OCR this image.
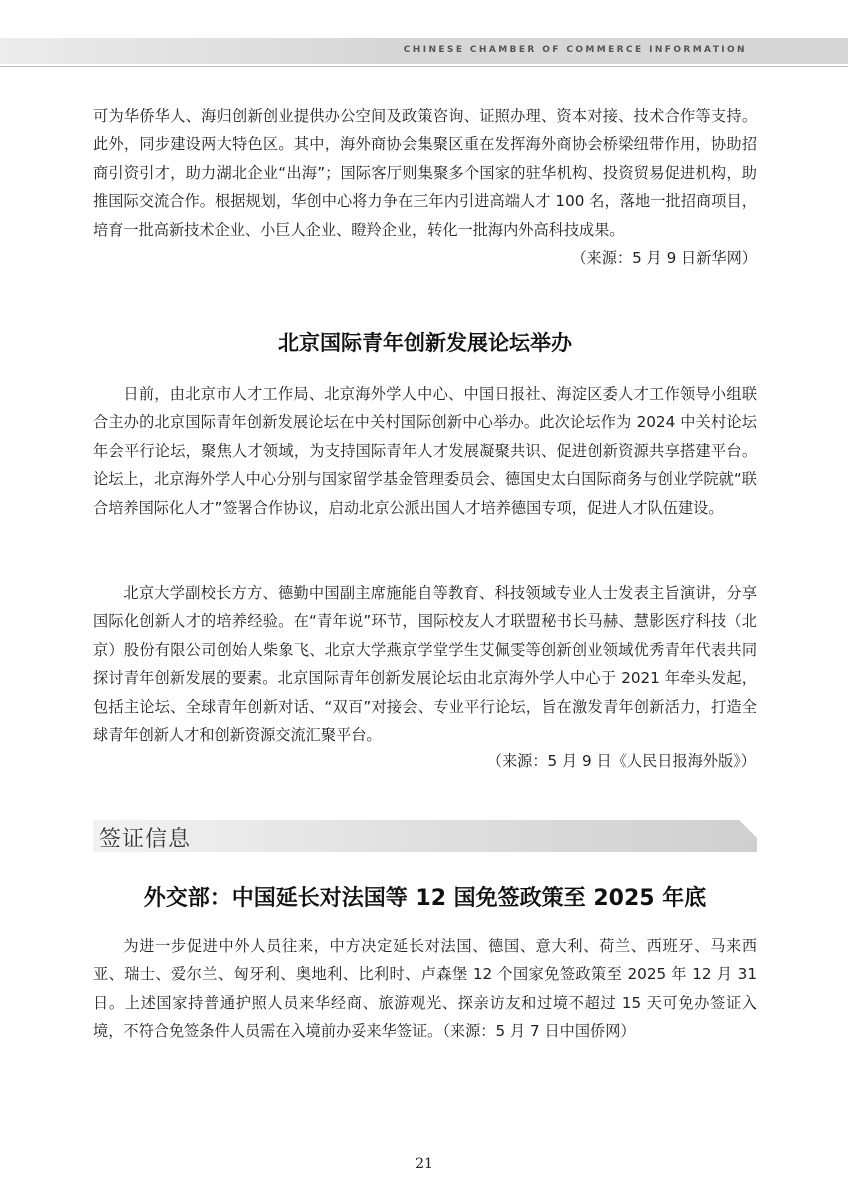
CHINESE CHAMBER OF COMMERCE INFORMATION
可为华侨华人、海归创新创业提供办公空间及政策咨询、证照办理、资本对接、技术合作等支持。此外，同步建设两大特色区。其中，海外商协会集聚区重在发挥海外商协会桥梁纽带作用，协助招商引资引才，助力湖北企业“出海”；国际客厅则集聚多个国家的驻华机构、投资贸易促进机构，助推国际交流合作。根据规划，华创中心将力争在三年内引进高端人才 100 名，落地一批招商项目，培育一批高新技术企业、小巨人企业、瞪羚企业，转化一批海内外高科技成果。
（来源：5 月 9 日新华网）
北京国际青年创新发展论坛举办
日前，由北京市人才工作局、北京海外学人中心、中国日报社、海淀区委人才工作领导小组联合主办的北京国际青年创新发展论坛在中关村国际创新中心举办。此次论坛作为 2024 中关村论坛年会平行论坛，聚焦人才领域，为支持国际青年人才发展凝聚共识、促进创新资源共享搭建平台。论坛上，北京海外学人中心分别与国家留学基金管理委员会、德国史太白国际商务与创业学院就“联合培养国际化人才”签署合作协议，启动北京公派出国人才培养德国专项，促进人才队伍建设。
北京大学副校长方方、德勤中国副主席施能自等教育、科技领域专业人士发表主旨演讲，分享国际化创新人才的培养经验。在“青年说”环节，国际校友人才联盟秘书长马赫、慧影医疗科技（北京）股份有限公司创始人柴象飞、北京大学燕京学堂学生艾佩雯等创新创业领域优秀青年代表共同探讨青年创新发展的要素。北京国际青年创新发展论坛由北京海外学人中心于 2021 年牵头发起，包括主论坛、全球青年创新对话、“双百”对接会、专业平行论坛，旨在激发青年创新活力，打造全球青年创新人才和创新资源交流汇聚平台。
（来源：5 月 9 日《人民日报海外版》）
签证信息
外交部：中国延长对法国等 12 国免签政策至 2025 年底
为进一步促进中外人员往来，中方决定延长对法国、德国、意大利、荷兰、西班牙、马来西亚、瑞士、爱尔兰、匈牙利、奥地利、比利时、卢森堡 12 个国家免签政策至 2025 年 12 月 31 日。上述国家持普通护照人员来华经商、旅游观光、探亲访友和过境不超过 15 天可免办签证入境，不符合免签条件人员需在入境前办妥来华签证。（来源：5 月 7 日中国侨网）
21
